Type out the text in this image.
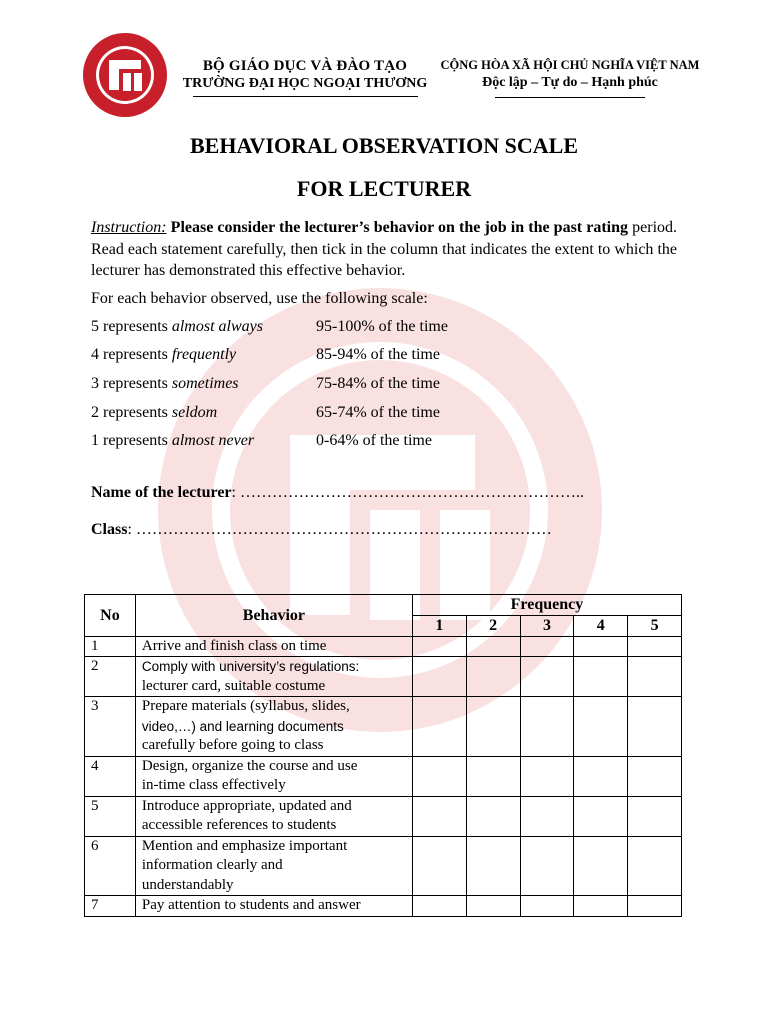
BỘ GIÁO DỤC VÀ ĐÀO TẠO
TRƯỜNG ĐẠI HỌC NGOẠI THƯƠNG
CỘNG HÒA XÃ HỘI CHỦ NGHĨA VIỆT NAM
Độc lập – Tự do – Hạnh phúc
BEHAVIORAL OBSERVATION SCALE
FOR LECTURER
Instruction: Please consider the lecturer’s behavior on the job in the past rating period. Read each statement carefully, then tick in the column that indicates the extent to which the lecturer has demonstrated this effective behavior.
For each behavior observed, use the following scale:
5 represents almost always	95-100% of the time
4 represents frequently	85-94% of the time
3 represents sometimes	75-84% of the time
2 represents seldom	65-74% of the time
1 represents almost never	0-64% of the time
Name of the lecturer: ………………………………………………………..
Class: ……………………………………………………………………
No	Behavior	Frequency				
		1	2	3	4	5
1	Arrive and finish class on time					

2	Comply with university’s regulations:
lecturer card, suitable costume					

3	Prepare materials (syllabus, slides,
video,…) and learning documents
carefully before going to class					

4	Design, organize the course and use
in-time class effectively					

5	Introduce appropriate, updated and
accessible references to students					

6	Mention and emphasize important
information clearly and
understandably					

7	Pay attention to students and answer					
